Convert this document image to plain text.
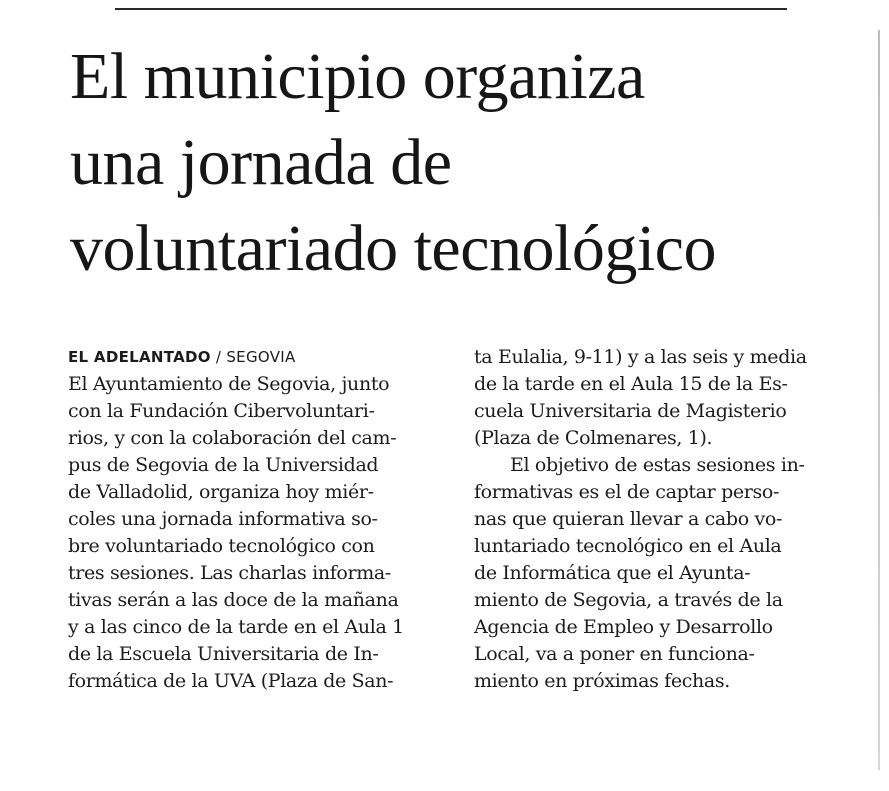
El municipio organiza
una jornada de
voluntariado tecnológico
EL ADELANTADO / SEGOVIA
El Ayuntamiento de Segovia, junto
con la Fundación Cibervoluntari-
rios, y con la colaboración del cam-
pus de Segovia de la Universidad
de Valladolid, organiza hoy miér-
coles una jornada informativa so-
bre voluntariado tecnológico con
tres sesiones. Las charlas informa-
tivas serán a las doce de la mañana
y a las cinco de la tarde en el Aula 1
de la Escuela Universitaria de In-
formática de la UVA (Plaza de San-
ta Eulalia, 9-11) y a las seis y media
de la tarde en el Aula 15 de la Es-
cuela Universitaria de Magisterio
(Plaza de Colmenares, 1).
El objetivo de estas sesiones in-
formativas es el de captar perso-
nas que quieran llevar a cabo vo-
luntariado tecnológico en el Aula
de Informática que el Ayunta-
miento de Segovia, a través de la
Agencia de Empleo y Desarrollo
Local, va a poner en funciona-
miento en próximas fechas.
